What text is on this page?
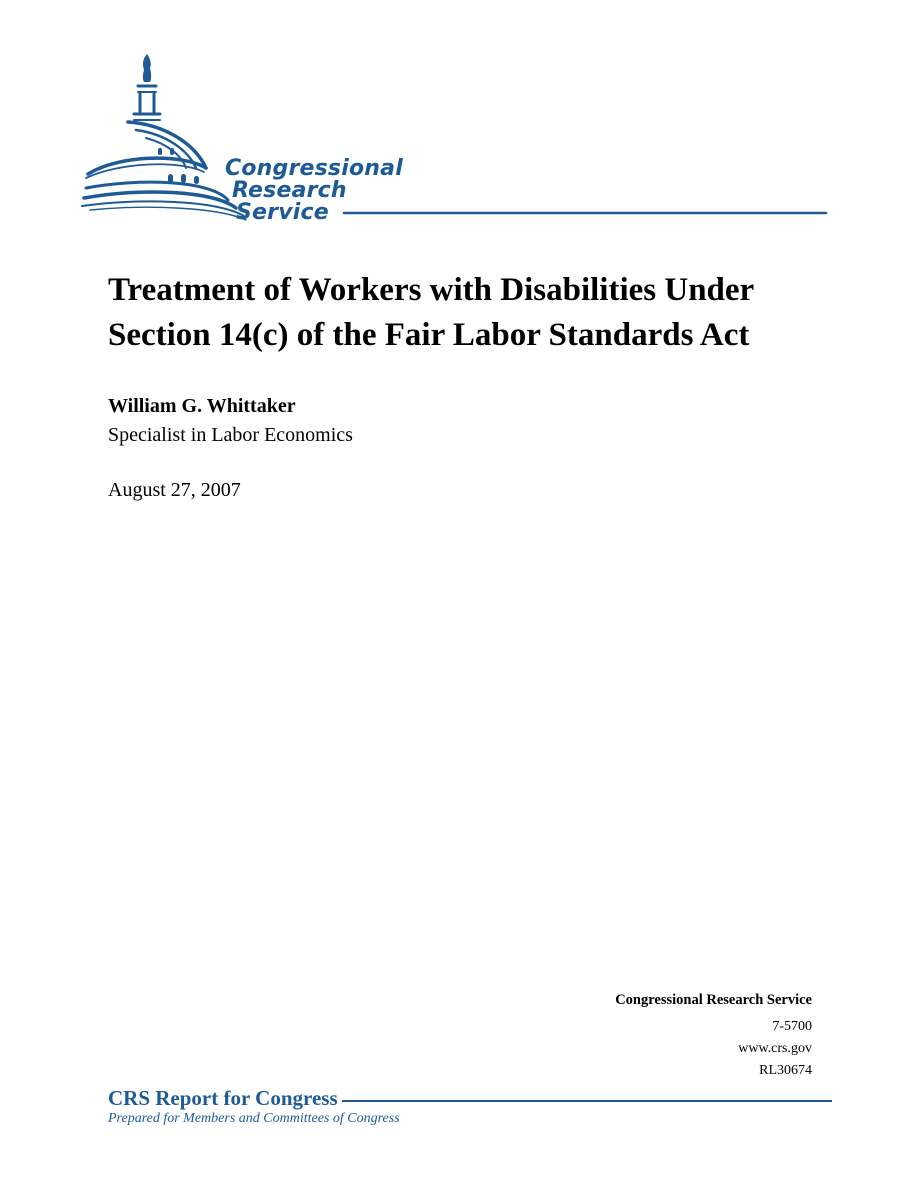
Congressional
Research
Service
Treatment of Workers with Disabilities Under
Section 14(c) of the Fair Labor Standards Act
William G. Whittaker
Specialist in Labor Economics
August 27, 2007
Congressional Research Service
7-5700
www.crs.gov
RL30674
CRS Report for Congress
Prepared for Members and Committees of Congress
